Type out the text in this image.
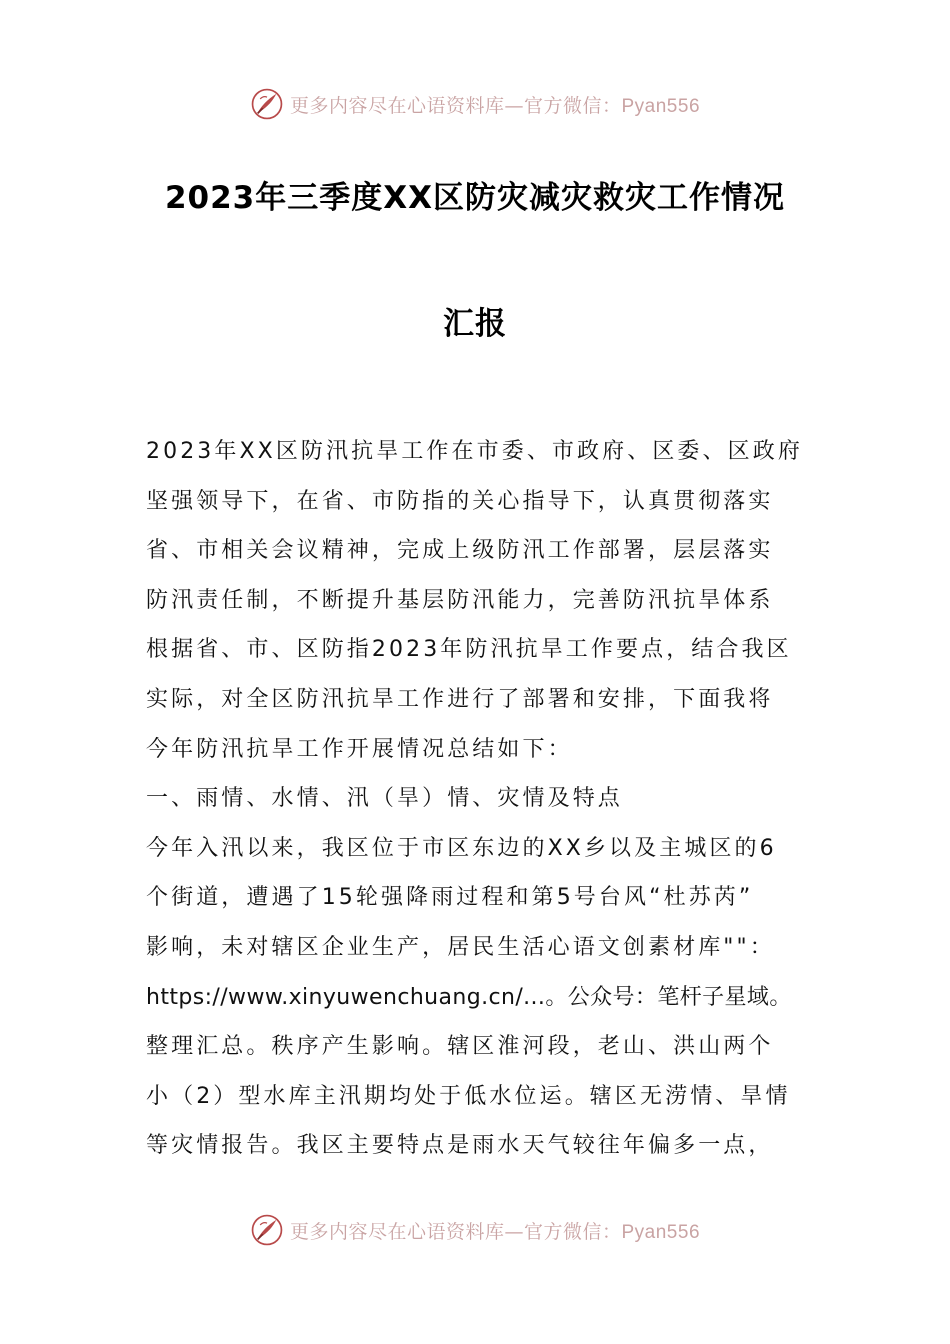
更多内容尽在心语资料库—官方微信：Pyan556
2023年三季度XX区防灾减灾救灾工作情况
汇报

2023年XX区防汛抗旱工作在市委、市政府、区委、区政府

坚强领导下，在省、市防指的关心指导下，认真贯彻落实

省、市相关会议精神，完成上级防汛工作部署，层层落实

防汛责任制，不断提升基层防汛能力，完善防汛抗旱体系

根据省、市、区防指2023年防汛抗旱工作要点，结合我区

实际，对全区防汛抗旱工作进行了部署和安排，下面我将

今年防汛抗旱工作开展情况总结如下：

一、雨情、水情、汛（旱）情、灾情及特点

今年入汛以来，我区位于市区东边的XX乡以及主城区的6

个街道，遭遇了15轮强降雨过程和第5号台风“杜苏芮”

影响，未对辖区企业生产，居民生活心语文创素材库""：

https://www.xinyuwenchuang.cn/...。公众号：笔杆子星域。

整理汇总。秩序产生影响。辖区淮河段，老山、洪山两个

小（2）型水库主汛期均处于低水位运。辖区无涝情、旱情

等灾情报告。我区主要特点是雨水天气较往年偏多一点，

更多内容尽在心语资料库—官方微信：Pyan556
